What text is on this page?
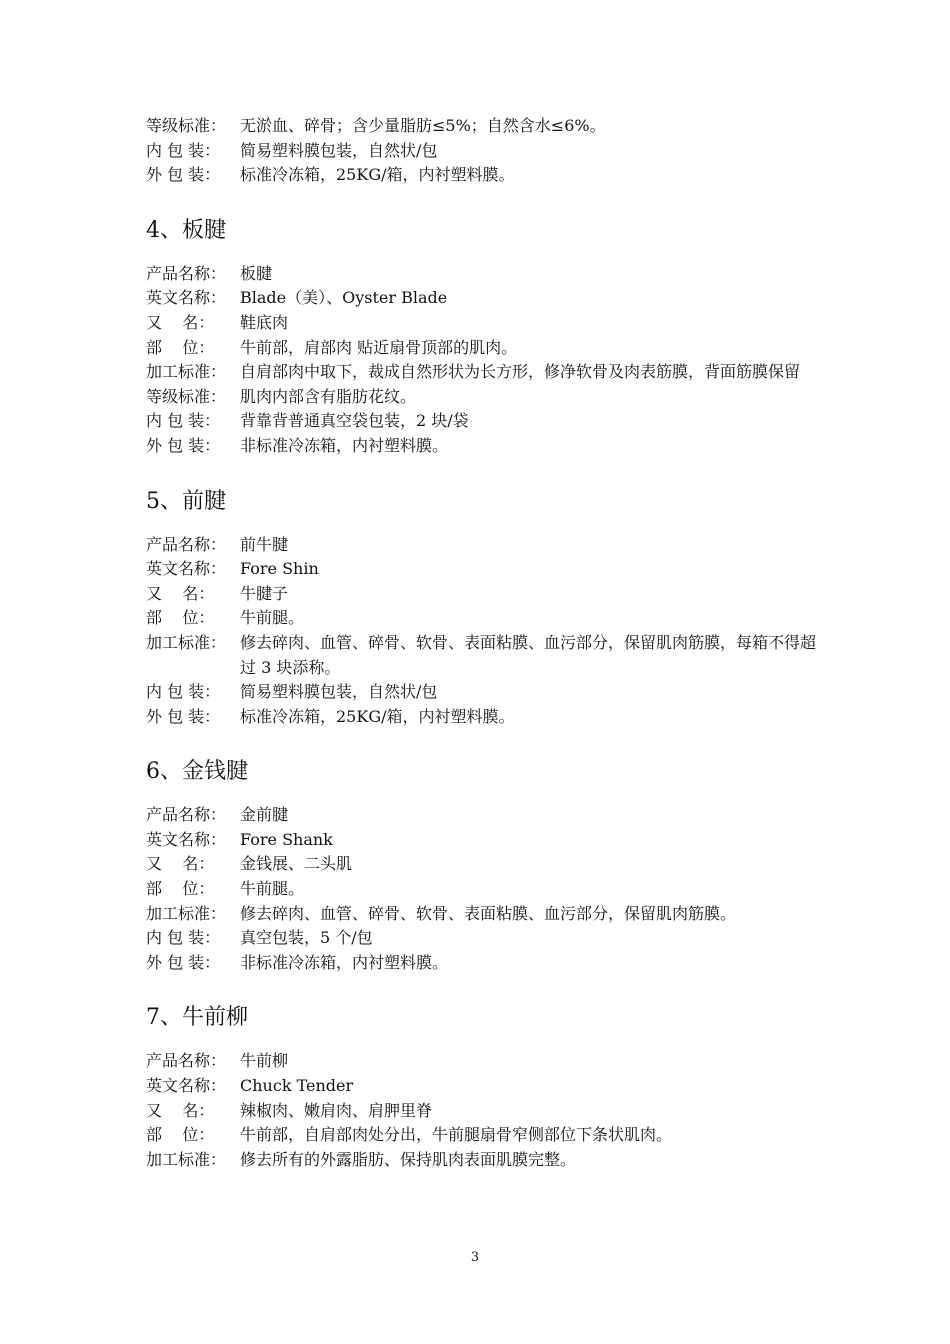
等级标准： 无淤血、碎骨；含少量脂肪≤5%；自然含水≤6%。
内 包 装：	简易塑料膜包装，自然状/包
外 包 装：	标准冷冻箱，25KG/箱，内衬塑料膜。
4、板腱
产品名称： 板腱
英文名称： Blade（美）、Oyster Blade
又    名：	鞋底肉
部    位：	牛前部，肩部肉 贴近扇骨顶部的肌肉。
加工标准： 自肩部肉中取下，裁成自然形状为长方形，修净软骨及肉表筋膜，背面筋膜保留
等级标准： 肌肉内部含有脂肪花纹。
内 包 装：	背靠背普通真空袋包装，2 块/袋
外 包 装：	非标准冷冻箱，内衬塑料膜。
5、前腱
产品名称： 前牛腱
英文名称： Fore Shin
又    名：	牛腱子
部    位：	牛前腿。
加工标准： 修去碎肉、血管、碎骨、软骨、表面粘膜、血污部分，保留肌肉筋膜，每箱不得超过 3 块添称。
内 包 装：	简易塑料膜包装，自然状/包
外 包 装：	标准冷冻箱，25KG/箱，内衬塑料膜。
6、金钱腱
产品名称： 金前腱
英文名称： Fore Shank
又    名：	金钱展、二头肌
部    位：	牛前腿。
加工标准： 修去碎肉、血管、碎骨、软骨、表面粘膜、血污部分，保留肌肉筋膜。
内 包 装：	真空包装，5 个/包
外 包 装：	非标准冷冻箱，内衬塑料膜。
7、牛前柳
产品名称： 牛前柳
英文名称： Chuck Tender
又    名：	辣椒肉、嫩肩肉、肩胛里脊
部    位：	牛前部，自肩部肉处分出，牛前腿扇骨窄侧部位下条状肌肉。
加工标准： 修去所有的外露脂肪、保持肌肉表面肌膜完整。
3
